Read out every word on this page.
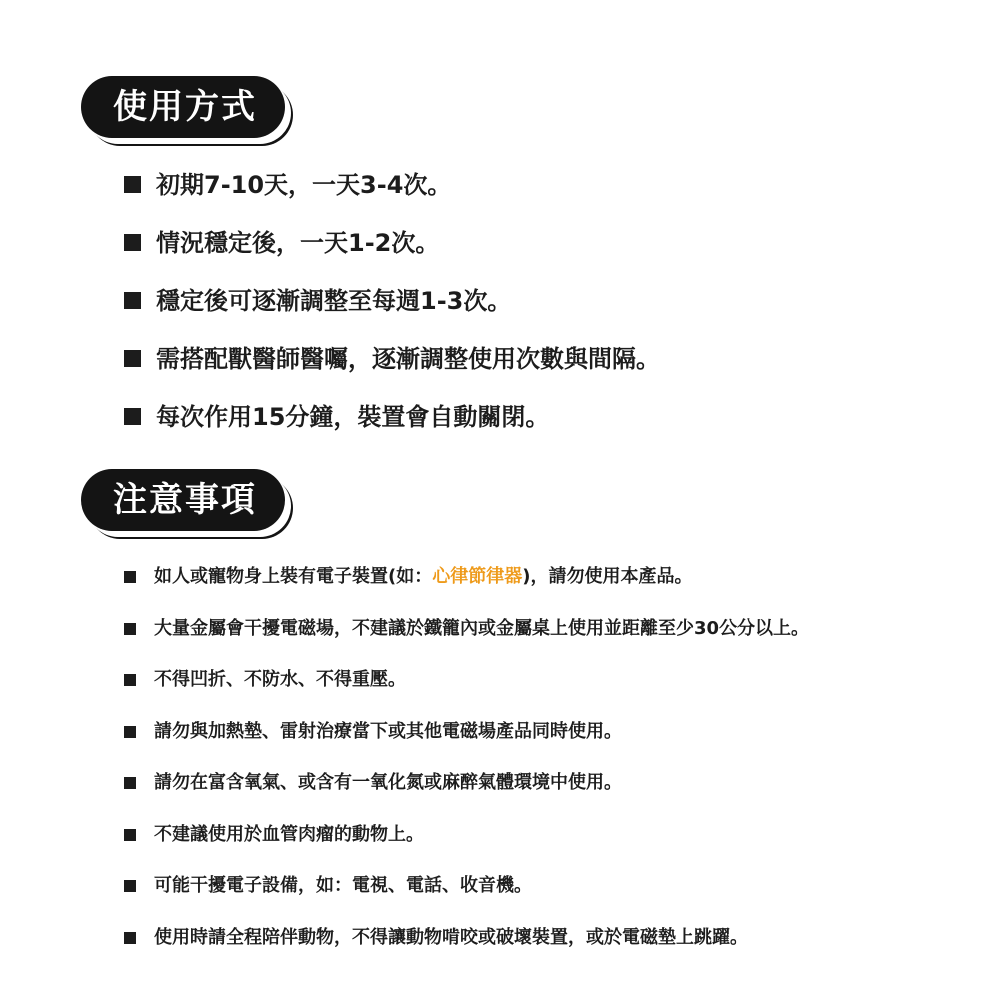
使用方式
初期7-10天，一天3-4次。
情況穩定後，一天1-2次。
穩定後可逐漸調整至每週1-3次。
需搭配獸醫師醫囑，逐漸調整使用次數與間隔。
每次作用15分鐘，裝置會自動關閉。
注意事項
如人或寵物身上裝有電子裝置(如：心律節律器)，請勿使用本產品。
大量金屬會干擾電磁場，不建議於鐵籠內或金屬桌上使用並距離至少30公分以上。
不得凹折、不防水、不得重壓。
請勿與加熱墊、雷射治療當下或其他電磁場產品同時使用。
請勿在富含氧氣、或含有一氧化氮或麻醉氣體環境中使用。
不建議使用於血管肉瘤的動物上。
可能干擾電子設備，如：電視、電話、收音機。
使用時請全程陪伴動物，不得讓動物啃咬或破壞裝置，或於電磁墊上跳躍。
